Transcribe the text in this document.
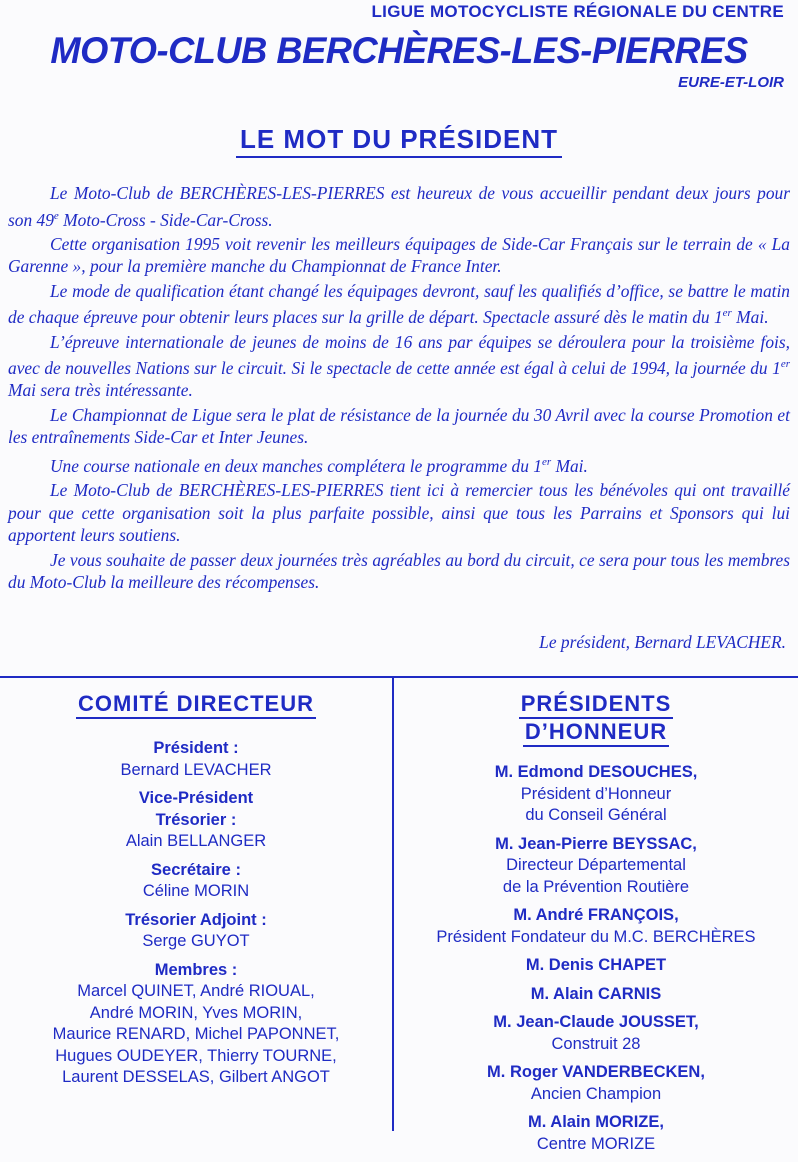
LIGUE MOTOCYCLISTE RÉGIONALE DU CENTRE
MOTO-CLUB BERCHÈRES-LES-PIERRES
EURE-ET-LOIR
LE MOT DU PRÉSIDENT

Le Moto-Club de BERCHÈRES-LES-PIERRES est heureux de vous accueillir pendant deux jours pour son 49e Moto-Cross - Side-Car-Cross.

Cette organisation 1995 voit revenir les meilleurs équipages de Side-Car Français sur le terrain de « La Garenne », pour la première manche du Championnat de France Inter.

Le mode de qualification étant changé les équipages devront, sauf les qualifiés d’office, se battre le matin de chaque épreuve pour obtenir leurs places sur la grille de départ. Spectacle assuré dès le matin du 1er Mai.

L’épreuve internationale de jeunes de moins de 16 ans par équipes se déroulera pour la troisième fois, avec de nouvelles Nations sur le circuit. Si le spectacle de cette année est égal à celui de 1994, la journée du 1er Mai sera très intéressante.

Le Championnat de Ligue sera le plat de résistance de la journée du 30 Avril avec la course Promotion et les entraînements Side-Car et Inter Jeunes.

Une course nationale en deux manches complétera le programme du 1er Mai.

Le Moto-Club de BERCHÈRES-LES-PIERRES tient ici à remercier tous les bénévoles qui ont travaillé pour que cette organisation soit la plus parfaite possible, ainsi que tous les Parrains et Sponsors qui lui apportent leurs soutiens.

Je vous souhaite de passer deux journées très agréables au bord du circuit, ce sera pour tous les membres du Moto-Club la meilleure des récompenses.

Le président, Bernard LEVACHER.
COMITÉ DIRECTEUR	PRÉSIDENTS
D’HONNEUR
Président :
Bernard LEVACHER
Vice-Président
Trésorier :
Alain BELLANGER
Secrétaire :
Céline MORIN
Trésorier Adjoint :
Serge GUYOT
Membres :
Marcel QUINET, André RIOUAL,
André MORIN, Yves MORIN,
Maurice RENARD, Michel PAPONNET,
Hugues OUDEYER, Thierry TOURNE,
Laurent DESSELAS, Gilbert ANGOT
M. Edmond DESOUCHES,
Président d’Honneur
du Conseil Général
M. Jean-Pierre BEYSSAC,
Directeur Départemental
de la Prévention Routière
M. André FRANÇOIS,
Président Fondateur du M.C. BERCHÈRES
M. Denis CHAPET
M. Alain CARNIS
M. Jean-Claude JOUSSET,
Construit 28
M. Roger VANDERBECKEN,
Ancien Champion
M. Alain MORIZE,
Centre MORIZE
